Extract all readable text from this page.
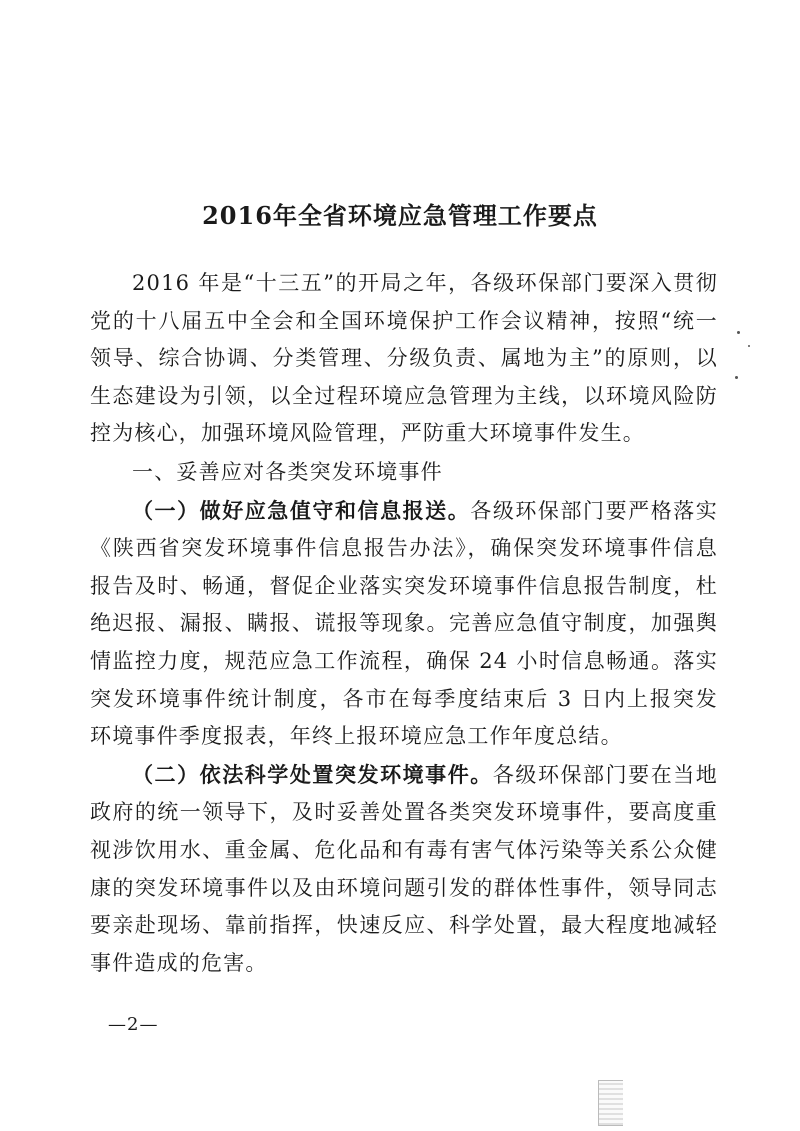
2016年全省环境应急管理工作要点

2016 年是“十三五”的开局之年，各级环保部门要深入贯彻党的十八届五中全会和全国环境保护工作会议精神，按照“统一领导、综合协调、分类管理、分级负责、属地为主”的原则，以生态建设为引领，以全过程环境应急管理为主线，以环境风险防控为核心，加强环境风险管理，严防重大环境事件发生。

一、妥善应对各类突发环境事件

（一）做好应急值守和信息报送。各级环保部门要严格落实《陕西省突发环境事件信息报告办法》，确保突发环境事件信息报告及时、畅通，督促企业落实突发环境事件信息报告制度，杜绝迟报、漏报、瞒报、谎报等现象。完善应急值守制度，加强舆情监控力度，规范应急工作流程，确保 24 小时信息畅通。落实突发环境事件统计制度，各市在每季度结束后 3 日内上报突发环境事件季度报表，年终上报环境应急工作年度总结。

（二）依法科学处置突发环境事件。各级环保部门要在当地政府的统一领导下，及时妥善处置各类突发环境事件，要高度重视涉饮用水、重金属、危化品和有毒有害气体污染等关系公众健康的突发环境事件以及由环境问题引发的群体性事件，领导同志要亲赴现场、靠前指挥，快速反应、科学处置，最大程度地减轻事件造成的危害。

—2—
